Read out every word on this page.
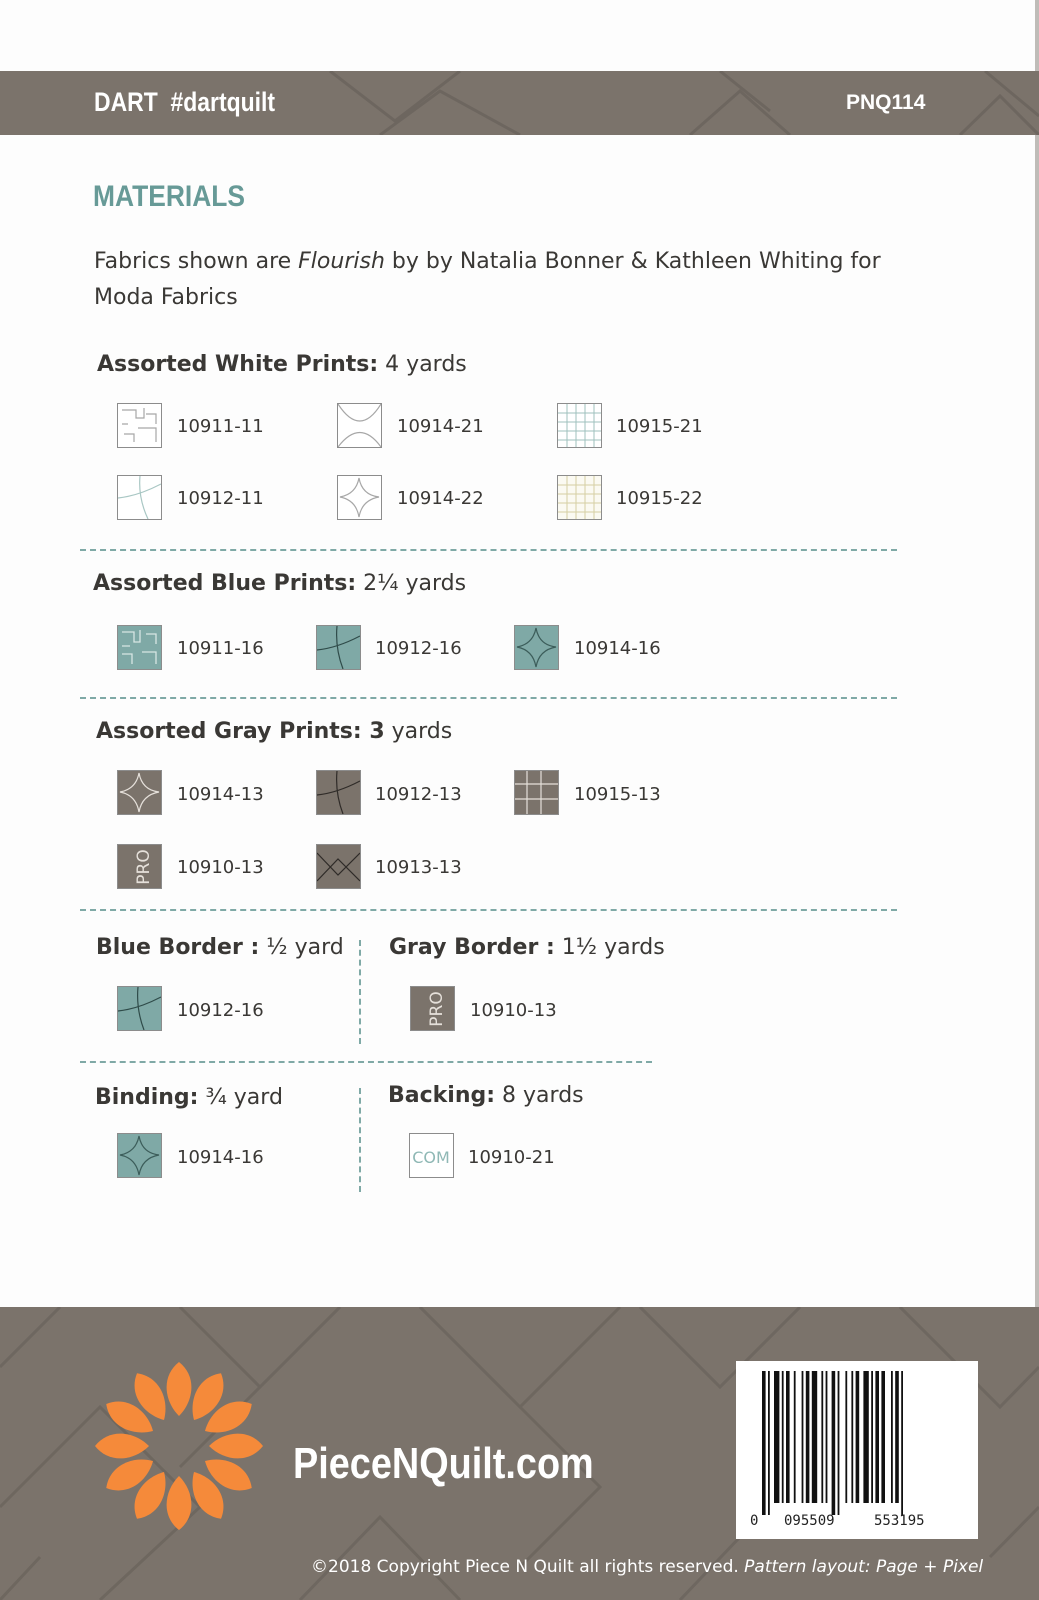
DART #dartquilt	PNQ114
MATERIALS
Fabrics shown are Flourish by by Natalia Bonner & Kathleen Whiting for Moda Fabrics
Assorted White Prints: 4 yards
10911-11	10914-21	10915-21
10912-11	10914-22	10915-22
Assorted Blue Prints: 2¼ yards
10911-16	10912-16	10914-16
Assorted Gray Prints: 3 yards
10914-13	10912-13	10915-13
PRO 10910-13	10913-13
Blue Border : ½ yard
10912-16
Gray Border : 1½ yards
PRO 10910-13
Binding: ¾ yard
10914-16
Backing: 8 yards
COM 10910-21
PieceNQuilt.com
0 095509	553195
©2018 Copyright Piece N Quilt all rights reserved. Pattern layout: Page + Pixel
